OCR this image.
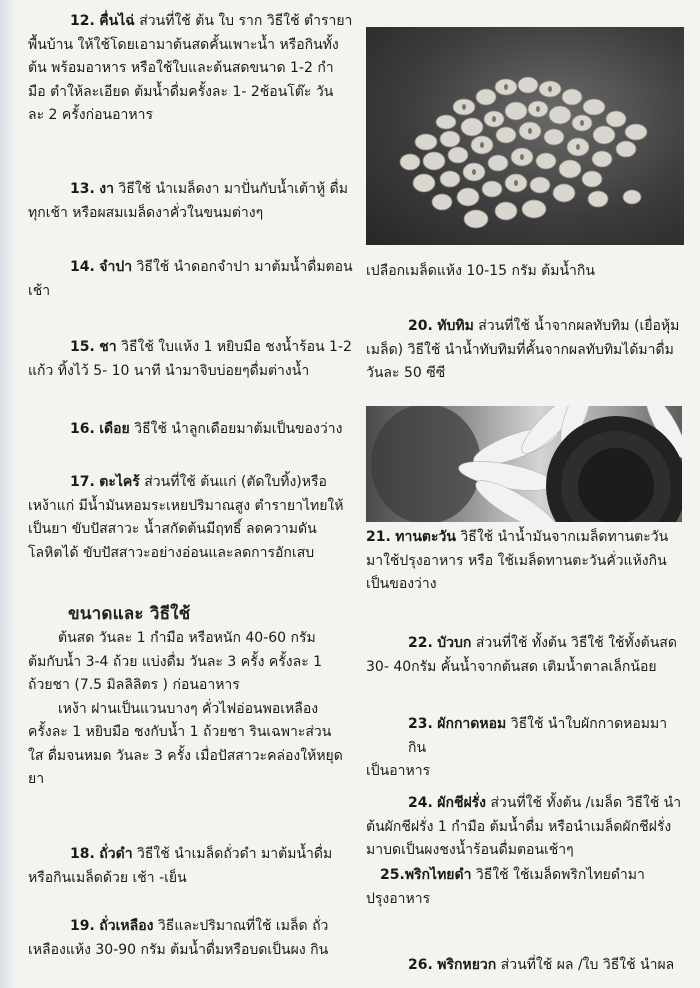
12. คื่นไฉ่ ส่วนที่ใช้ ต้น ใบ ราก วิธีใช้ ตำรายา

พื้นบ้าน ให้ใช้โดยเอามาต้นสดคั้นเพาะน้ำ หรือกินทั้ง

ต้น พร้อมอาหาร หรือใช้ใบและต้นสดขนาด 1-2 กำ

มือ ตำให้ละเอียด ต้มน้ำดื่มครั้งละ 1- 2ช้อนโต๊ะ วัน

ละ 2 ครั้งก่อนอาหาร

13. งา วิธีใช้ นำเมล็ดงา มาปั่นกับน้ำเต้าหู้ ดื่ม

ทุกเช้า หรือผสมเมล็ดงาคั่วในขนมต่างๆ

14. จำปา วิธีใช้ นำดอกจำปา มาต้มน้ำดื่มตอน

เช้า

15. ชา วิธีใช้ ใบแห้ง 1 หยิบมือ ชงน้ำร้อน 1-2

แก้ว ทิ้งไว้ 5- 10 นาที นำมาจิบบ่อยๆดื่มต่างน้ำ

16. เดือย วิธีใช้ นำลูกเดือยมาต้มเป็นของว่าง

17. ตะไคร้ ส่วนที่ใช้ ต้นแก่ (ตัดใบทิ้ง)หรือ

เหง้าแก่ มีน้ำมันหอมระเหยปริมาณสูง ตำรายาไทยให้

เป็นยา ขับปัสสาวะ น้ำสกัดต้นมีฤทธิ์ ลดความดัน

โลหิตได้ ขับปัสสาวะอย่างอ่อนและลดการอักเสบ

ขนาดและ วิธีใช้

ต้นสด วันละ 1 กำมือ หรือหนัก 40-60 กรัม

ต้มกับน้ำ 3-4 ถ้วย แบ่งดื่ม วันละ 3 ครั้ง ครั้งละ 1

ถ้วยชา (7.5 มิลลิลิตร ) ก่อนอาหาร

เหง้า ฝานเป็นแวนบางๆ คั่วไฟอ่อนพอเหลือง

ครั้งละ 1 หยิบมือ ชงกับน้ำ 1 ถ้วยชา รินเฉพาะส่วน

ใส ดื่มจนหมด วันละ 3 ครั้ง เมื่อปัสสาวะคล่องให้หยุด

ยา

18. ถั่วดำ วิธีใช้ นำเมล็ดถั่วดำ มาต้มน้ำดื่ม

หรือกินเมล็ดด้วย เช้า -เย็น

19. ถั่วเหลือง วิธีและปริมาณที่ใช้ เมล็ด ถั่ว

เหลืองแห้ง 30-90 กรัม ต้มน้ำดื่มหรือบดเป็นผง กิน

เปลือกเมล็ดแห้ง 10-15 กรัม ต้มน้ำกิน

20. ทับทิม ส่วนที่ใช้ น้ำจากผลทับทิม (เยื่อหุ้ม

เมล็ด) วิธีใช้ นำน้ำทับทิมที่คั้นจากผลทับทิมได้มาดื่ม

วันละ 50 ซีซี

21. ทานตะวัน วิธีใช้ นำน้ำมันจากเมล็ดทานตะวัน

มาใช้ปรุงอาหาร หรือ ใช้เมล็ดทานตะวันคั่วแห้งกิน

เป็นของว่าง

22. บัวบก ส่วนที่ใช้ ทั้งต้น วิธีใช้ ใช้ทั้งต้นสด

30- 40กรัม คั้นน้ำจากต้นสด เติมน้ำตาลเล็กน้อย

23. ผักกาดหอม วิธีใช้ นำใบผักกาดหอมมากิน

เป็นอาหาร

24. ผักชีฝรั่ง ส่วนที่ใช้ ทั้งต้น /เมล็ด วิธีใช้ นำ

ต้นผักชีฝรั่ง 1 กำมือ ต้มน้ำดื่ม หรือนำเมล็ดผักชีฝรั่ง

มาบดเป็นผงชงน้ำร้อนดื่มตอนเช้าๆ

25.พริกไทยดำ วิธีใช้ ใช้เมล็ดพริกไทยดำมา

ปรุงอาหาร

26. พริกหยวก ส่วนที่ใช้ ผล /ใบ วิธีใช้ นำผล
